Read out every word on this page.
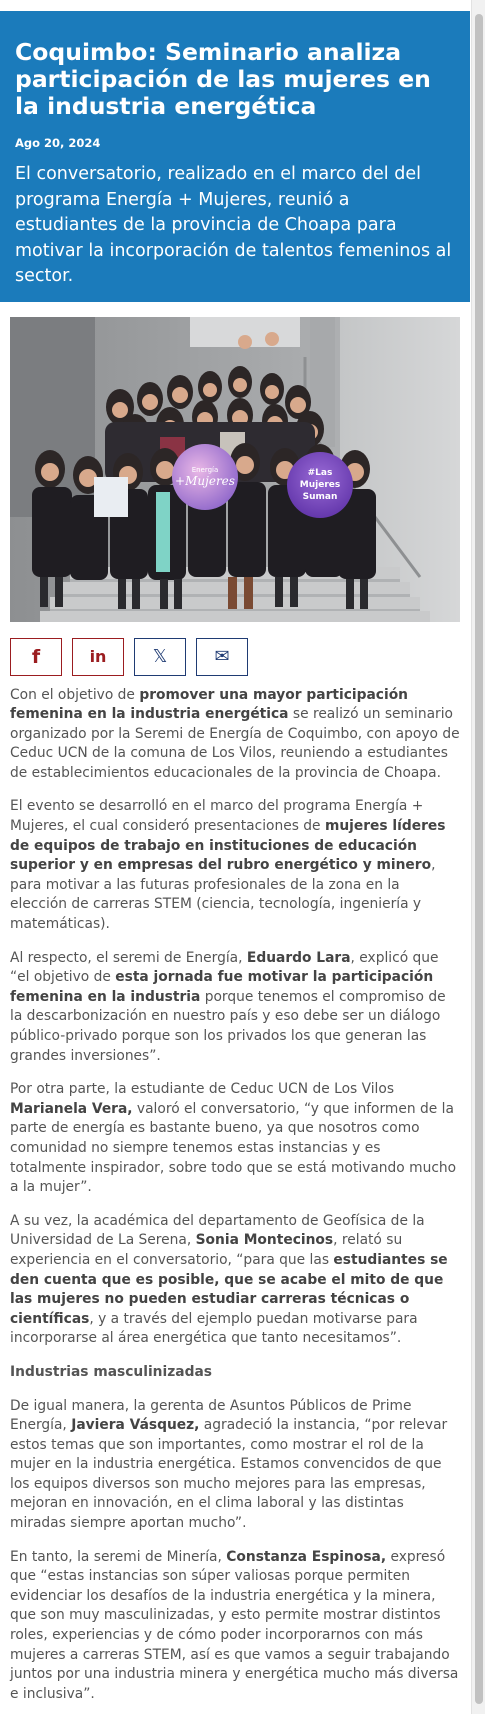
Coquimbo: Seminario analiza participación de las mujeres en la industria energética
Ago 20, 2024
El conversatorio, realizado en el marco del del programa Energía + Mujeres, reunió a estudiantes de la provincia de Choapa para motivar la incorporación de talentos femeninos al sector.
Energía
+Mujeres
#Las
Mujeres
Suman
f	in	𝕏	✉

Con el objetivo de promover una mayor participación femenina en la industria energética se realizó un seminario organizado por la Seremi de Energía de Coquimbo, con apoyo de Ceduc UCN de la comuna de Los Vilos, reuniendo a estudiantes de establecimientos educacionales de la provincia de Choapa.

El evento se desarrolló en el marco del programa Energía + Mujeres, el cual consideró presentaciones de mujeres líderes de equipos de trabajo en instituciones de educación superior y en empresas del rubro energético y minero, para motivar a las futuras profesionales de la zona en la elección de carreras STEM (ciencia, tecnología, ingeniería y matemáticas).

Al respecto, el seremi de Energía, Eduardo Lara, explicó que “el objetivo de esta jornada fue motivar la participación femenina en la industria porque tenemos el compromiso de la descarbonización en nuestro país y eso debe ser un diálogo público-privado porque son los privados los que generan las grandes inversiones”.

Por otra parte, la estudiante de Ceduc UCN de Los Vilos Marianela Vera, valoró el conversatorio, “y que informen de la parte de energía es bastante bueno, ya que nosotros como comunidad no siempre tenemos estas instancias y es totalmente inspirador, sobre todo que se está motivando mucho a la mujer”.

A su vez, la académica del departamento de Geofísica de la Universidad de La Serena, Sonia Montecinos, relató su experiencia en el conversatorio, “para que las estudiantes se den cuenta que es posible, que se acabe el mito de que las mujeres no pueden estudiar carreras técnicas o científicas, y a través del ejemplo puedan motivarse para incorporarse al área energética que tanto necesitamos”.

Industrias masculinizadas

De igual manera, la gerenta de Asuntos Públicos de Prime Energía, Javiera Vásquez, agradeció la instancia, “por relevar estos temas que son importantes, como mostrar el rol de la mujer en la industria energética. Estamos convencidos de que los equipos diversos son mucho mejores para las empresas, mejoran en innovación, en el clima laboral y las distintas miradas siempre aportan mucho”.

En tanto, la seremi de Minería, Constanza Espinosa, expresó que “estas instancias son súper valiosas porque permiten evidenciar los desafíos de la industria energética y la minera, que son muy masculinizadas, y esto permite mostrar distintos roles, experiencias y de cómo poder incorporarnos con más mujeres a carreras STEM, así es que vamos a seguir trabajando juntos por una industria minera y energética mucho más diversa e inclusiva”.
